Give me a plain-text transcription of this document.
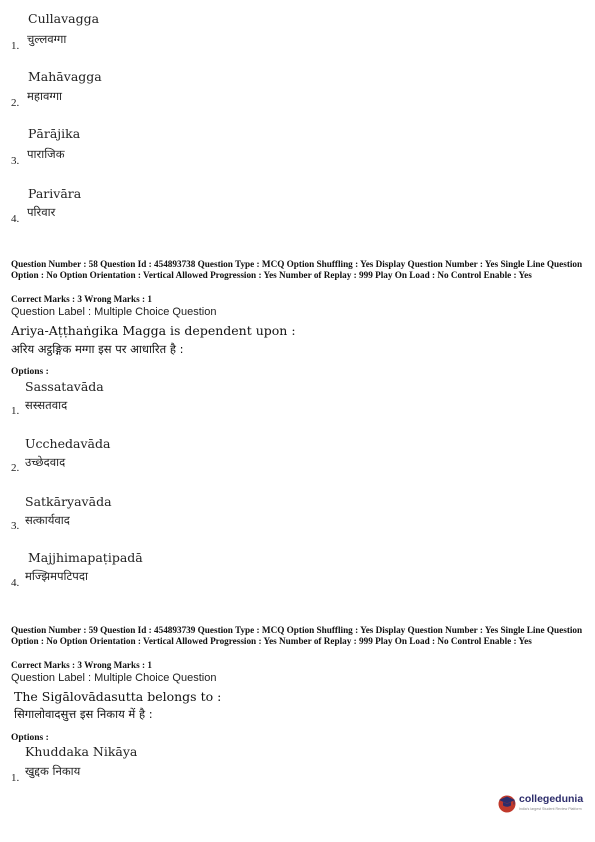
Cullavagga
1. चुल्लवग्गा
Mahāvagga
2. महावग्गा
Pārājika
3. पाराजिक
Parivāra
4. परिवार
Question Number : 58 Question Id : 454893738 Question Type : MCQ Option Shuffling : Yes Display Question Number : Yes Single Line Question Option : No Option Orientation : Vertical Allowed Progression : Yes Number of Replay : 999 Play On Load : No Control Enable : Yes
Correct Marks : 3 Wrong Marks : 1
Question Label : Multiple Choice Question
Ariya-Aṭṭhaṅgika Magga is dependent upon :
अरिय अट्ठङ्गिक मग्गा इस पर आधारित है :
Options :
Sassatavāda
1. सस्सतवाद
Ucchedavāda
2. उच्छेदवाद
Satkāryavāda
3. सत्कार्यवाद
Majjhimapaṭipadā
4. मज्झिमपटिपदा
Question Number : 59 Question Id : 454893739 Question Type : MCQ Option Shuffling : Yes Display Question Number : Yes Single Line Question Option : No Option Orientation : Vertical Allowed Progression : Yes Number of Replay : 999 Play On Load : No Control Enable : Yes
Correct Marks : 3 Wrong Marks : 1
Question Label : Multiple Choice Question
The Sigālovādasutta belongs to :
सिगालोवादसुत्त इस निकाय में है :
Options :
Khuddaka Nikāya
1. खुद्दक निकाय
collegedunia
India's largest Student Review Platform
